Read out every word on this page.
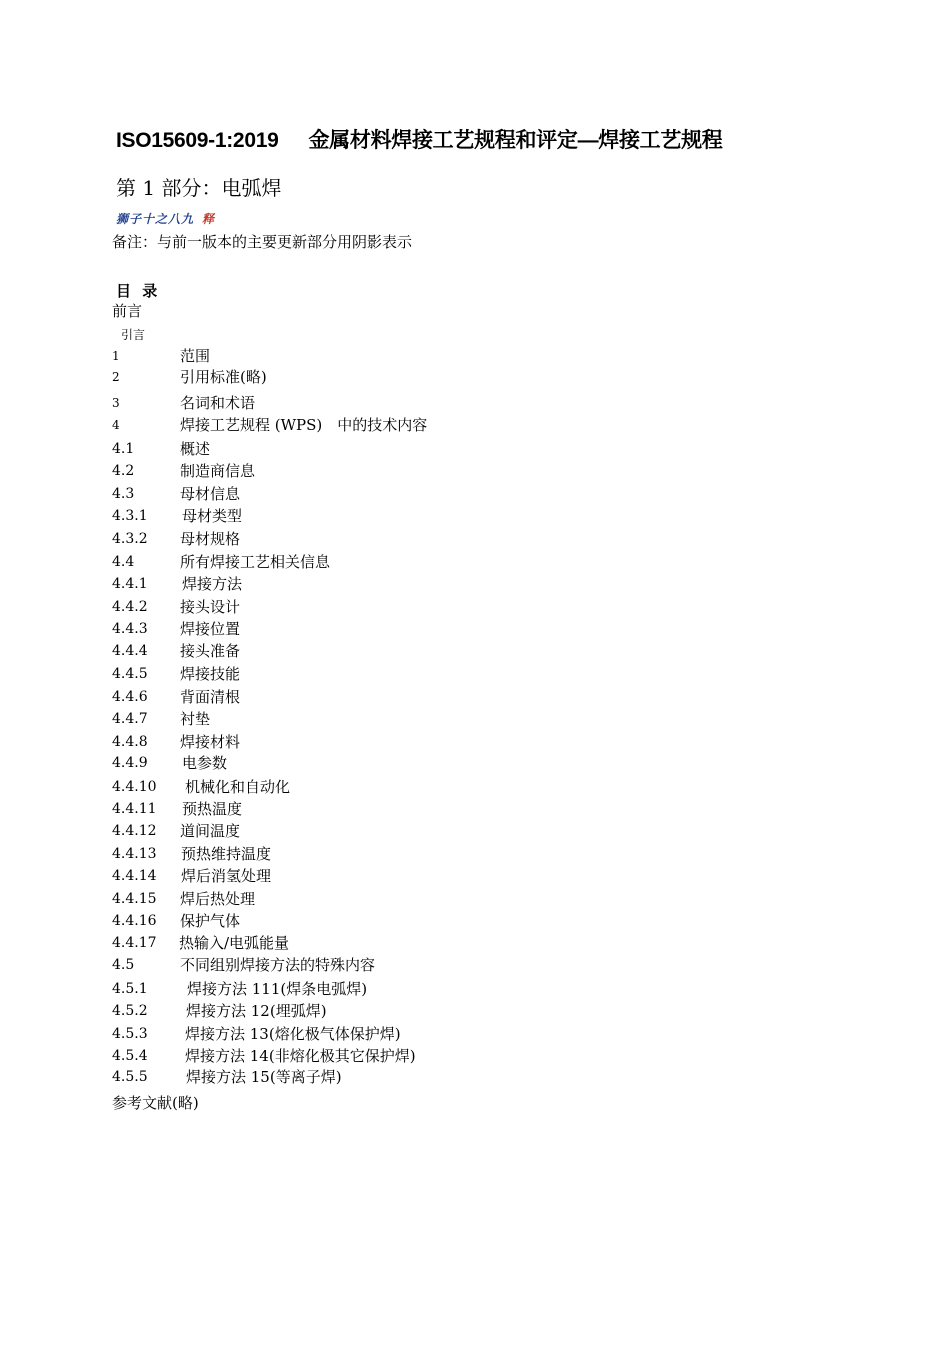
ISO15609-1:2019 金属材料焊接工艺规程和评定—焊接工艺规程
第 1 部分：电弧焊
狮子十之八九 释
备注：与前一版本的主要更新部分用阴影表示
目 录
前言
引言
1	范围
2	引用标准(略)
3	名词和术语
4	焊接工艺规程 (WPS)　中的技术内容
4.1	概述
4.2	制造商信息
4.3	母材信息
4.3.1 母材类型
4.3.2 母材规格
4.4	所有焊接工艺相关信息
4.4.1 焊接方法
4.4.2 接头设计
4.4.3 焊接位置
4.4.4 接头准备
4.4.5 焊接技能
4.4.6 背面清根
4.4.7 衬垫
4.4.8 焊接材料
4.4.9 电参数
4.4.10 机械化和自动化
4.4.11 预热温度
4.4.12 道间温度
4.4.13 预热维持温度
4.4.14 焊后消氢处理
4.4.15 焊后热处理
4.4.16 保护气体
4.4.17 热输入/电弧能量
4.5	不同组别焊接方法的特殊内容
4.5.1	焊接方法 111(焊条电弧焊)
4.5.2	焊接方法 12(埋弧焊)
4.5.3 焊接方法 13(熔化极气体保护焊)
4.5.4 焊接方法 14(非熔化极其它保护焊)
4.5.5	焊接方法 15(等离子焊)
参考文献(略)
